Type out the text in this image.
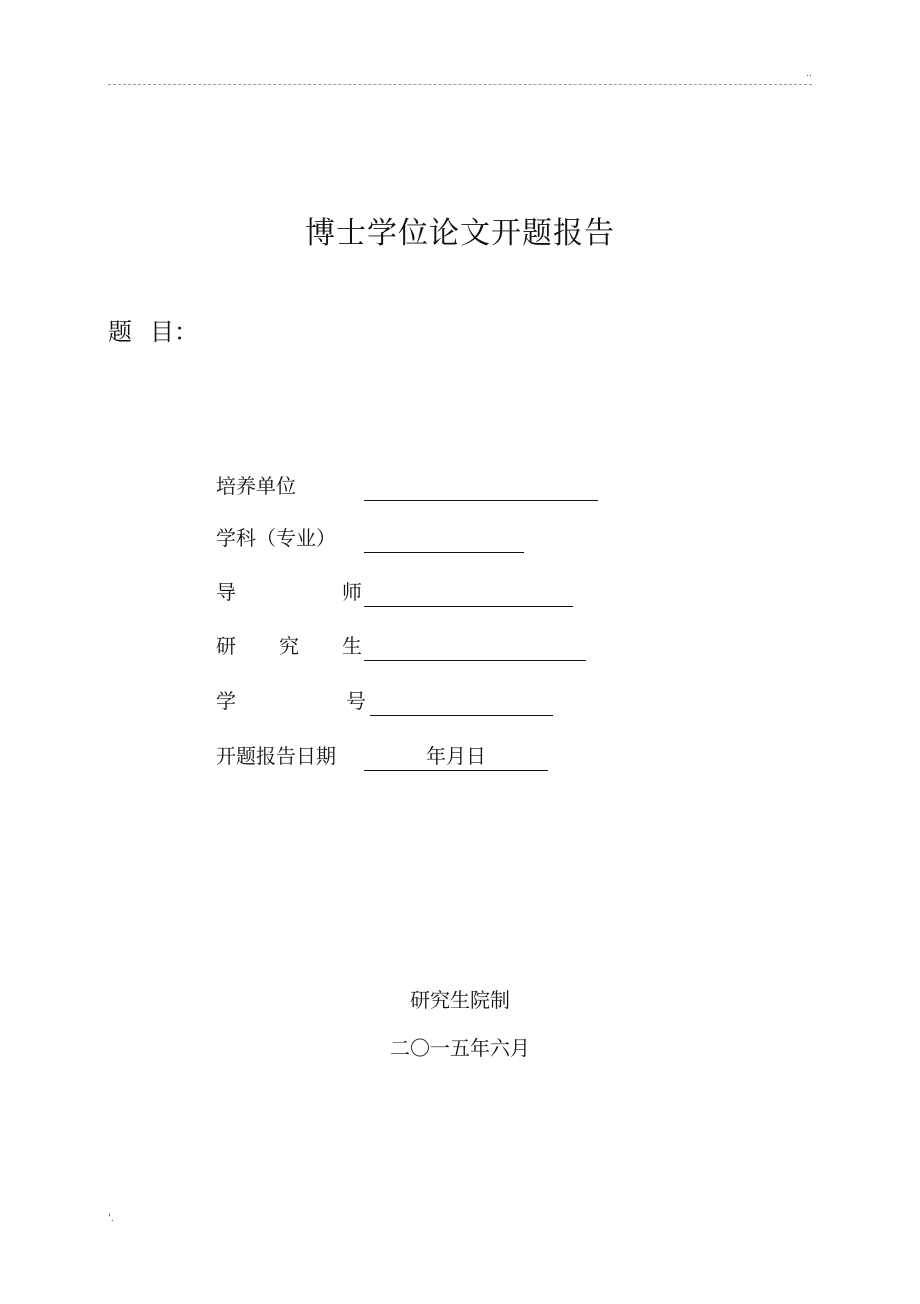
..
博士学位论文开题报告
题 目：
培养单位
学科（专业）
导	师
研 究 生
学	号
开题报告日期	年月日
研究生院制
二〇一五年六月
'.
